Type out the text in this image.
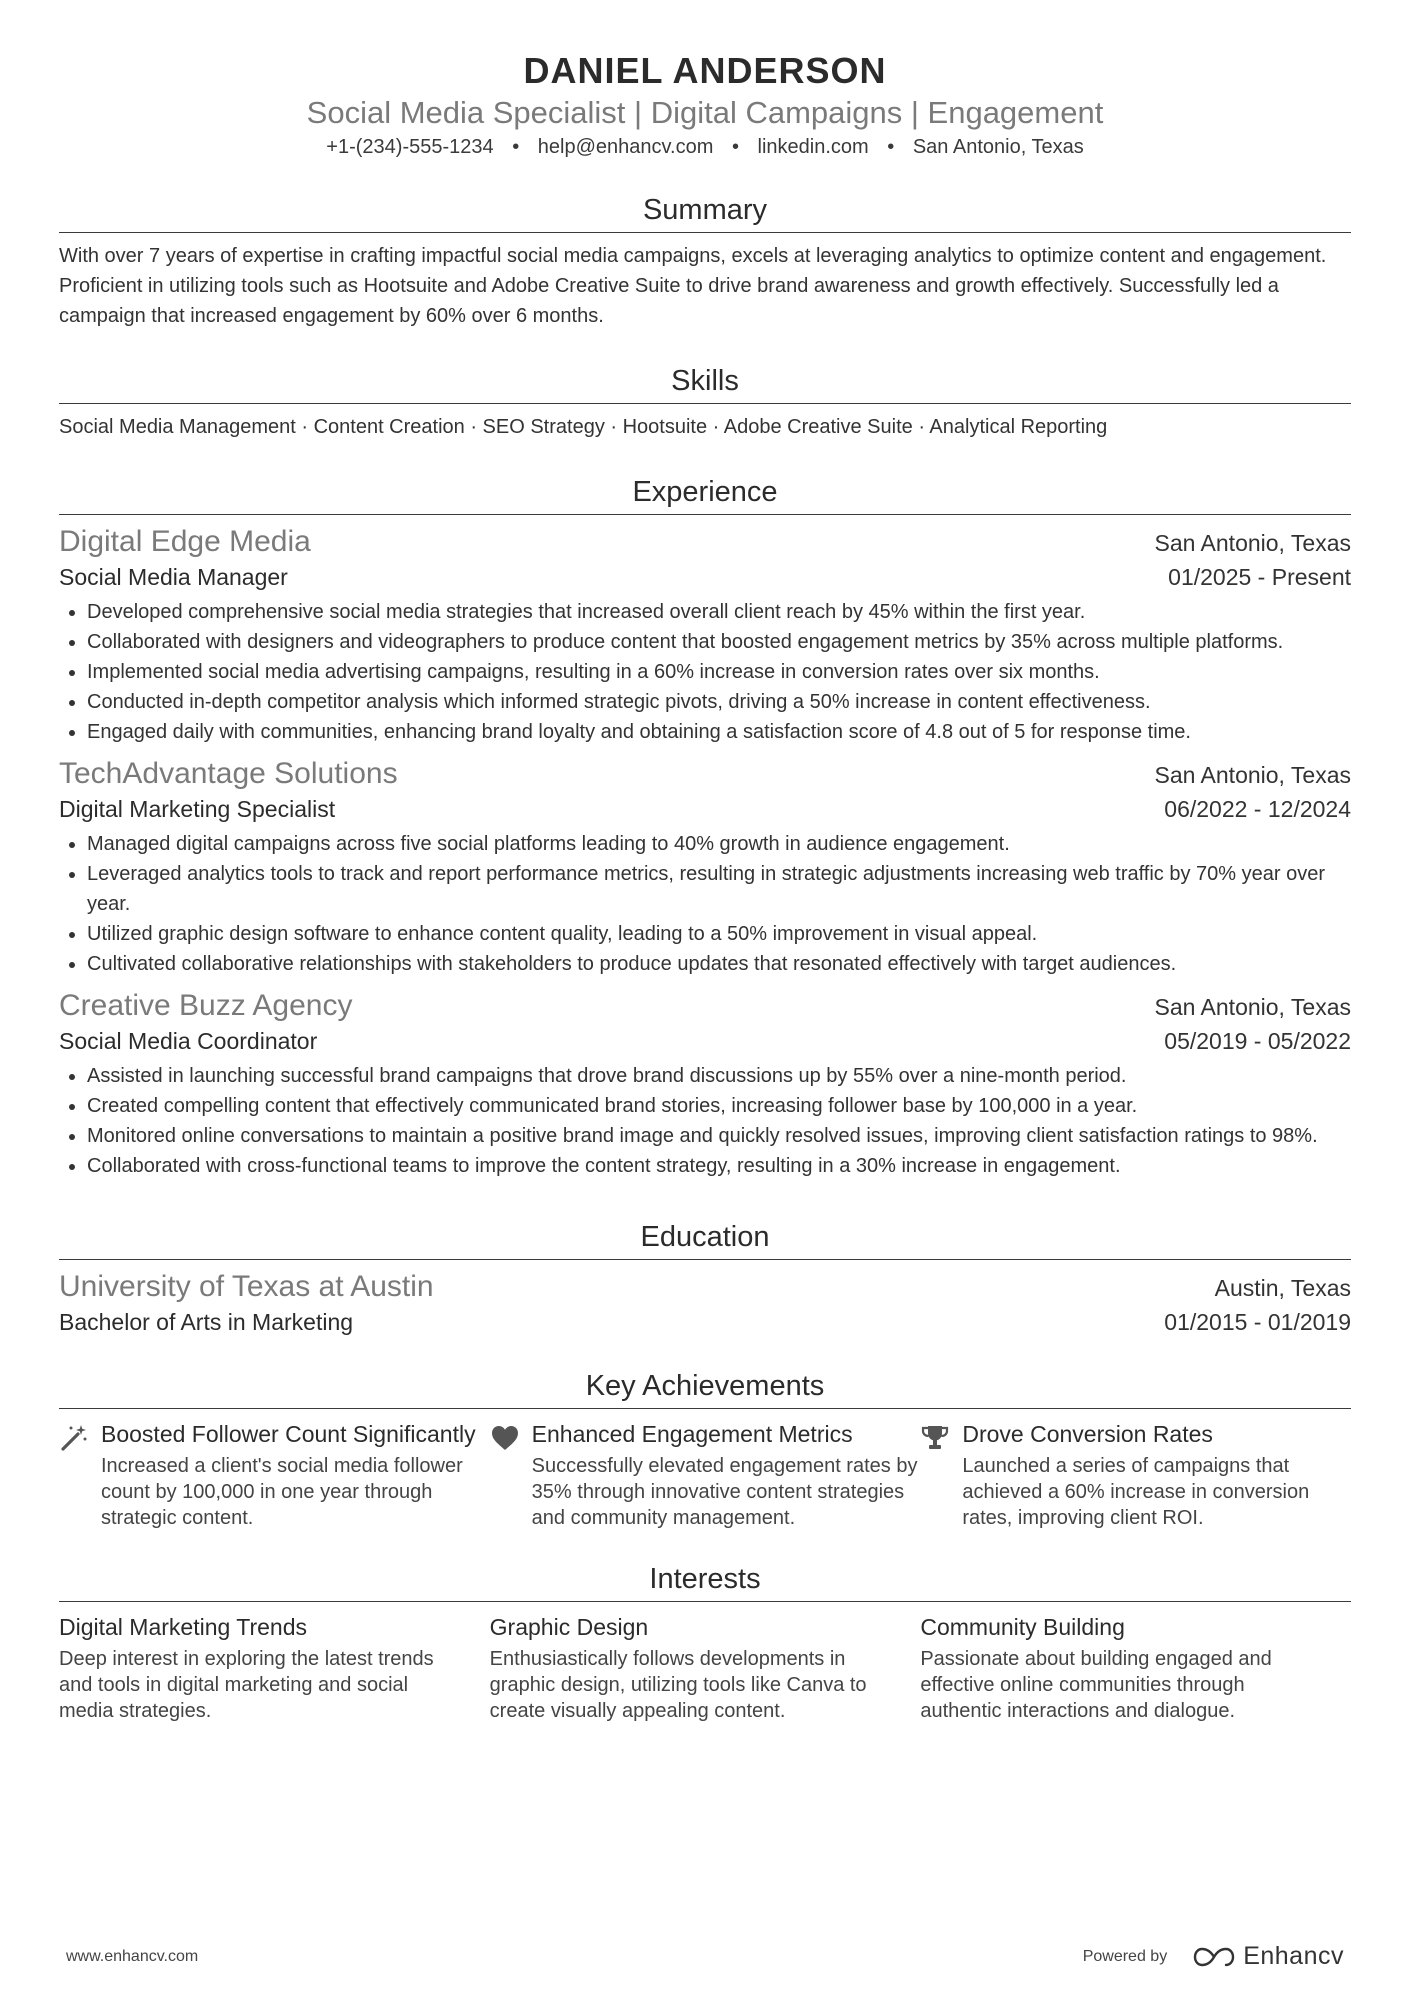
DANIEL ANDERSON
Social Media Specialist | Digital Campaigns | Engagement
+1-(234)-555-1234 • help@enhancv.com • linkedin.com • San Antonio, Texas
Summary
With over 7 years of expertise in crafting impactful social media campaigns, excels at leveraging analytics to optimize content and engagement. Proficient in utilizing tools such as Hootsuite and Adobe Creative Suite to drive brand awareness and growth effectively. Successfully led a campaign that increased engagement by 60% over 6 months.
Skills
Social Media Management · Content Creation · SEO Strategy · Hootsuite · Adobe Creative Suite · Analytical Reporting
Experience
Digital Edge Media	San Antonio, Texas
Social Media Manager	01/2025 - Present
• Developed comprehensive social media strategies that increased overall client reach by 45% within the first year.
• Collaborated with designers and videographers to produce content that boosted engagement metrics by 35% across multiple platforms.
• Implemented social media advertising campaigns, resulting in a 60% increase in conversion rates over six months.
• Conducted in-depth competitor analysis which informed strategic pivots, driving a 50% increase in content effectiveness.
• Engaged daily with communities, enhancing brand loyalty and obtaining a satisfaction score of 4.8 out of 5 for response time.
TechAdvantage Solutions	San Antonio, Texas
Digital Marketing Specialist	06/2022 - 12/2024
• Managed digital campaigns across five social platforms leading to 40% growth in audience engagement.
• Leveraged analytics tools to track and report performance metrics, resulting in strategic adjustments increasing web traffic by 70% year over year.
• Utilized graphic design software to enhance content quality, leading to a 50% improvement in visual appeal.
• Cultivated collaborative relationships with stakeholders to produce updates that resonated effectively with target audiences.
Creative Buzz Agency	San Antonio, Texas
Social Media Coordinator	05/2019 - 05/2022
• Assisted in launching successful brand campaigns that drove brand discussions up by 55% over a nine-month period.
• Created compelling content that effectively communicated brand stories, increasing follower base by 100,000 in a year.
• Monitored online conversations to maintain a positive brand image and quickly resolved issues, improving client satisfaction ratings to 98%.
• Collaborated with cross-functional teams to improve the content strategy, resulting in a 30% increase in engagement.
Education
University of Texas at Austin	Austin, Texas
Bachelor of Arts in Marketing	01/2015 - 01/2019
Key Achievements
Boosted Follower Count Significantly
Increased a client's social media follower count by 100,000 in one year through strategic content.
Enhanced Engagement Metrics
Successfully elevated engagement rates by 35% through innovative content strategies and community management.
Drove Conversion Rates
Launched a series of campaigns that achieved a 60% increase in conversion rates, improving client ROI.
Interests
Digital Marketing Trends
Deep interest in exploring the latest trends and tools in digital marketing and social media strategies.
Graphic Design
Enthusiastically follows developments in graphic design, utilizing tools like Canva to create visually appealing content.
Community Building
Passionate about building engaged and effective online communities through authentic interactions and dialogue.
www.enhancv.com	Powered by	Enhancv
